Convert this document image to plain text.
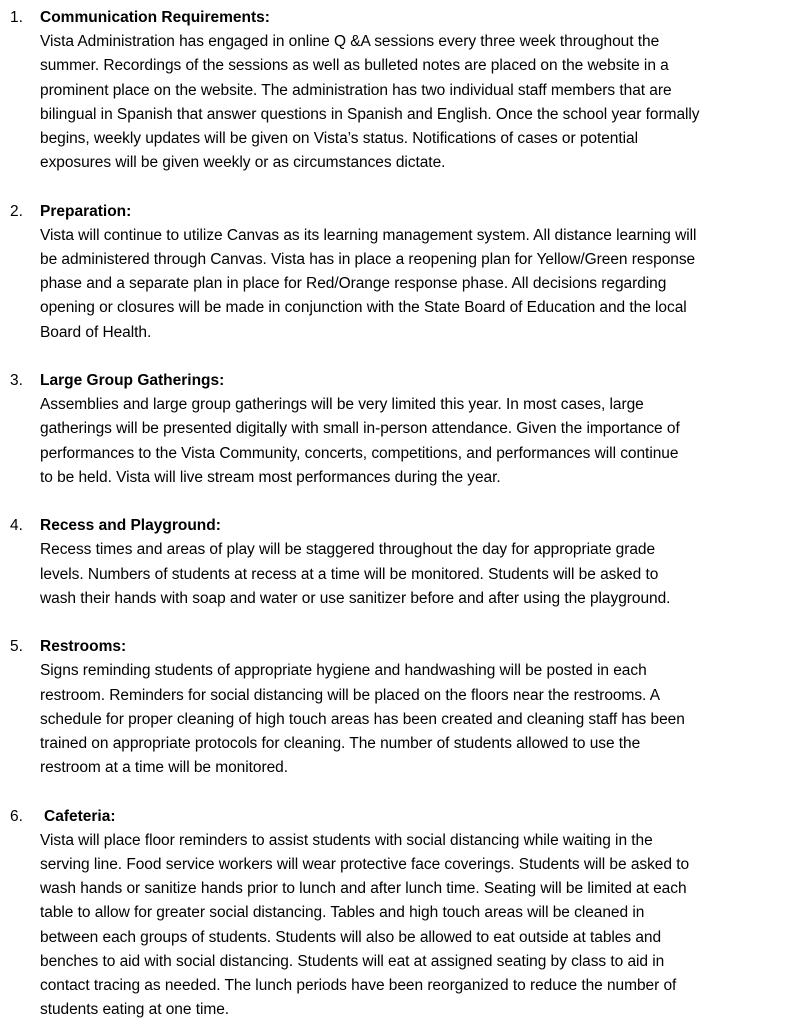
1.	Communication Requirements:
Vista Administration has engaged in online Q &A sessions every three week throughout the
summer. Recordings of the sessions as well as bulleted notes are placed on the website in a
prominent place on the website. The administration has two individual staff members that are
bilingual in Spanish that answer questions in Spanish and English. Once the school year formally
begins, weekly updates will be given on Vista’s status. Notifications of cases or potential
exposures will be given weekly or as circumstances dictate.
2.	Preparation:
Vista will continue to utilize Canvas as its learning management system. All distance learning will
be administered through Canvas. Vista has in place a reopening plan for Yellow/Green response
phase and a separate plan in place for Red/Orange response phase. All decisions regarding
opening or closures will be made in conjunction with the State Board of Education and the local
Board of Health.
3.	Large Group Gatherings:
Assemblies and large group gatherings will be very limited this year. In most cases, large
gatherings will be presented digitally with small in-person attendance. Given the importance of
performances to the Vista Community, concerts, competitions, and performances will continue
to be held. Vista will live stream most performances during the year.
4.	Recess and Playground:
Recess times and areas of play will be staggered throughout the day for appropriate grade
levels. Numbers of students at recess at a time will be monitored. Students will be asked to
wash their hands with soap and water or use sanitizer before and after using the playground.
5.	Restrooms:
Signs reminding students of appropriate hygiene and handwashing will be posted in each
restroom. Reminders for social distancing will be placed on the floors near the restrooms. A
schedule for proper cleaning of high touch areas has been created and cleaning staff has been
trained on appropriate protocols for cleaning. The number of students allowed to use the
restroom at a time will be monitored.
6.	Cafeteria:
Vista will place floor reminders to assist students with social distancing while waiting in the
serving line. Food service workers will wear protective face coverings. Students will be asked to
wash hands or sanitize hands prior to lunch and after lunch time. Seating will be limited at each
table to allow for greater social distancing. Tables and high touch areas will be cleaned in
between each groups of students. Students will also be allowed to eat outside at tables and
benches to aid with social distancing. Students will eat at assigned seating by class to aid in
contact tracing as needed. The lunch periods have been reorganized to reduce the number of
students eating at one time.
